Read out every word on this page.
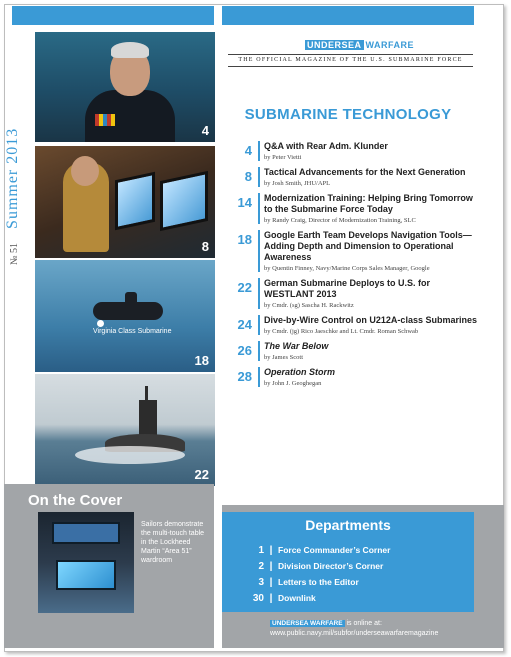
№ 51 Summer 2013	4
8
Virginia Class Submarine
18
22
UNDERSEA WARFARE
THE OFFICIAL MAGAZINE OF THE U.S. SUBMARINE FORCE
SUBMARINE TECHNOLOGY
4 Q&A with Rear Adm. Klunder
by Peter Vietti
8 Tactical Advancements for the Next Generation
by Josh Smith, JHU/APL
14 Modernization Training: Helping Bring Tomorrow to the Submarine Force Today
by Randy Craig, Director of Modernization Training, SLC
18 Google Earth Team Develops Navigation Tools— Adding Depth and Dimension to Operational Awareness
by Quentin Finney, Navy/Marine Corps Sales Manager, Google
22 German Submarine Deploys to U.S. for WESTLANT 2013
by Cmdr. (sg) Sascha H. Rackwitz
24 Dive-by-Wire Control on U212A-class Submarines
by Cmdr. (jg) Rico Jaeschke and Lt. Cmdr. Roman Schwab
26 The War Below
by James Scott
28 Operation Storm
by John J. Geoghegan
On the Cover
Sailors demonstrate the multi-touch table in the Lockheed Martin “Area 51” wardroom
Departments
1 | Force Commander’s Corner
2 | Division Director’s Corner
3 | Letters to the Editor
30 | Downlink
UNDERSEA WARFARE is online at: www.public.navy.mil/subfor/underseawarfaremagazine
